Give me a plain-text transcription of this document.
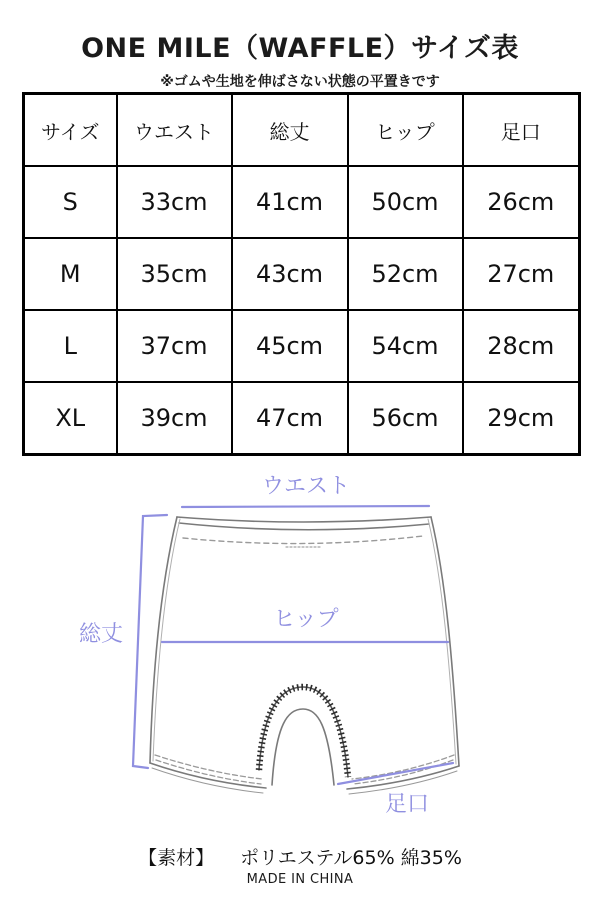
ONE MILE（WAFFLE）サイズ表
※ゴムや生地を伸ばさない状態の平置きです
サイズ	ウエスト	総丈	ヒップ	足口
S	33cm	41cm	50cm	26cm
M	35cm	43cm	52cm	27cm
L	37cm	45cm	54cm	28cm
XL	39cm	47cm	56cm	29cm
ウエスト
総丈
ヒップ
足口
【素材】 ポリエステル65% 綿35%
MADE IN CHINA
